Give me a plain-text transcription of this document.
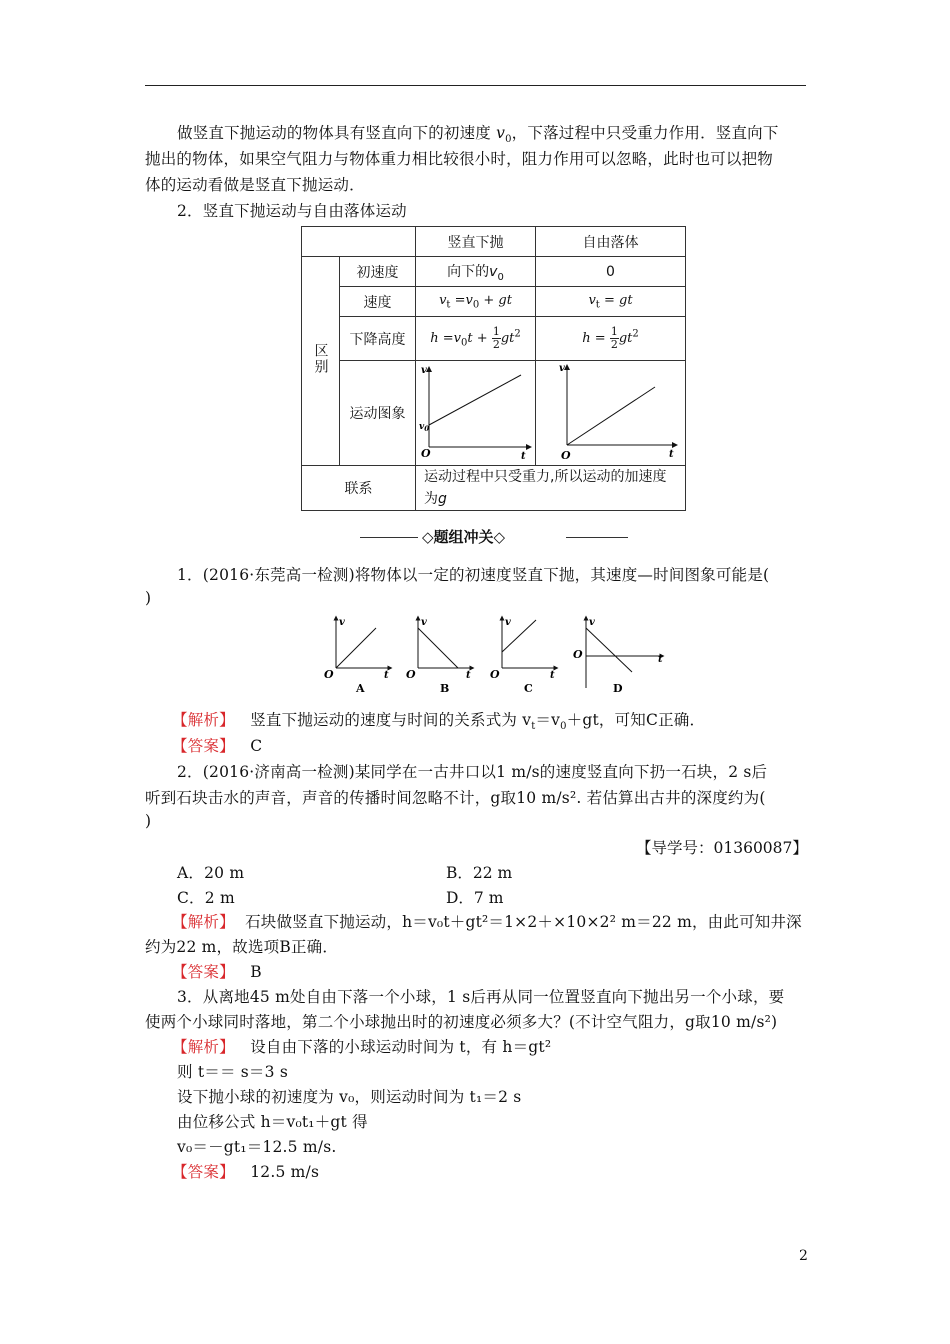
做竖直下抛运动的物体具有竖直向下的初速度 $v_0$，下落过程中只受重力作用．竖直向下
抛出的物体，如果空气阻力与物体重力相比较很小时，阻力作用可以忽略，此时也可以把物
体的运动看做是竖直下抛运动．
2．竖直下抛运动与自由落体运动
		竖直下抛	自由落体
区别	初速度	向下的$v_0$	0
	速度	$v_t =v_0$ + gt	$v_t$ = gt
	下降高度	$h =v_0t + \frac{1}{2} gt^2$	$h = \frac{1}{2} gt^2$
	运动图象	v
$v_0$
O t	v
O t

联系		运动过程中只受重力,所以运动的加速度
为g	
◇题组冲关◇
1．(2016·东莞高一检测)将物体以一定的初速度竖直下抛，其速度—时间图象可能是(
)
v
O	t
A
v
O	t
B
v
O	t
C
v
O	t
D
【解析】 竖直下抛运动的速度与时间的关系式为 $v_t=v_0+gt$，可知C正确．
【答案】 C
2．(2016·济南高一检测)某同学在一古井口以1 m/s的速度竖直向下扔一石块，2 s后
听到石块击水的声音，声音的传播时间忽略不计，g取10 m/s². 若估算出古井的深度约为(
)
【导学号：01360087】
A．20 m	B．22 m
C．2 m	D．7 m
【解析】 石块做竖直下抛运动，h＝v₀t＋gt²＝1×2＋×10×2² m＝22 m，由此可知井深
约为22 m，故选项B正确．
【答案】 B
3．从离地45 m处自由下落一个小球，1 s后再从同一位置竖直向下抛出另一个小球，要
使两个小球同时落地，第二个小球抛出时的初速度必须多大？(不计空气阻力，g取10 m/s²)
【解析】 设自由下落的小球运动时间为 t，有 h＝gt²
则 t＝＝ s＝3 s
设下抛小球的初速度为 v₀，则运动时间为 t₁＝2 s
由位移公式 h＝v₀t₁＋gt 得
v₀＝－gt₁＝12.5 m/s.
【答案】 12.5 m/s
2
